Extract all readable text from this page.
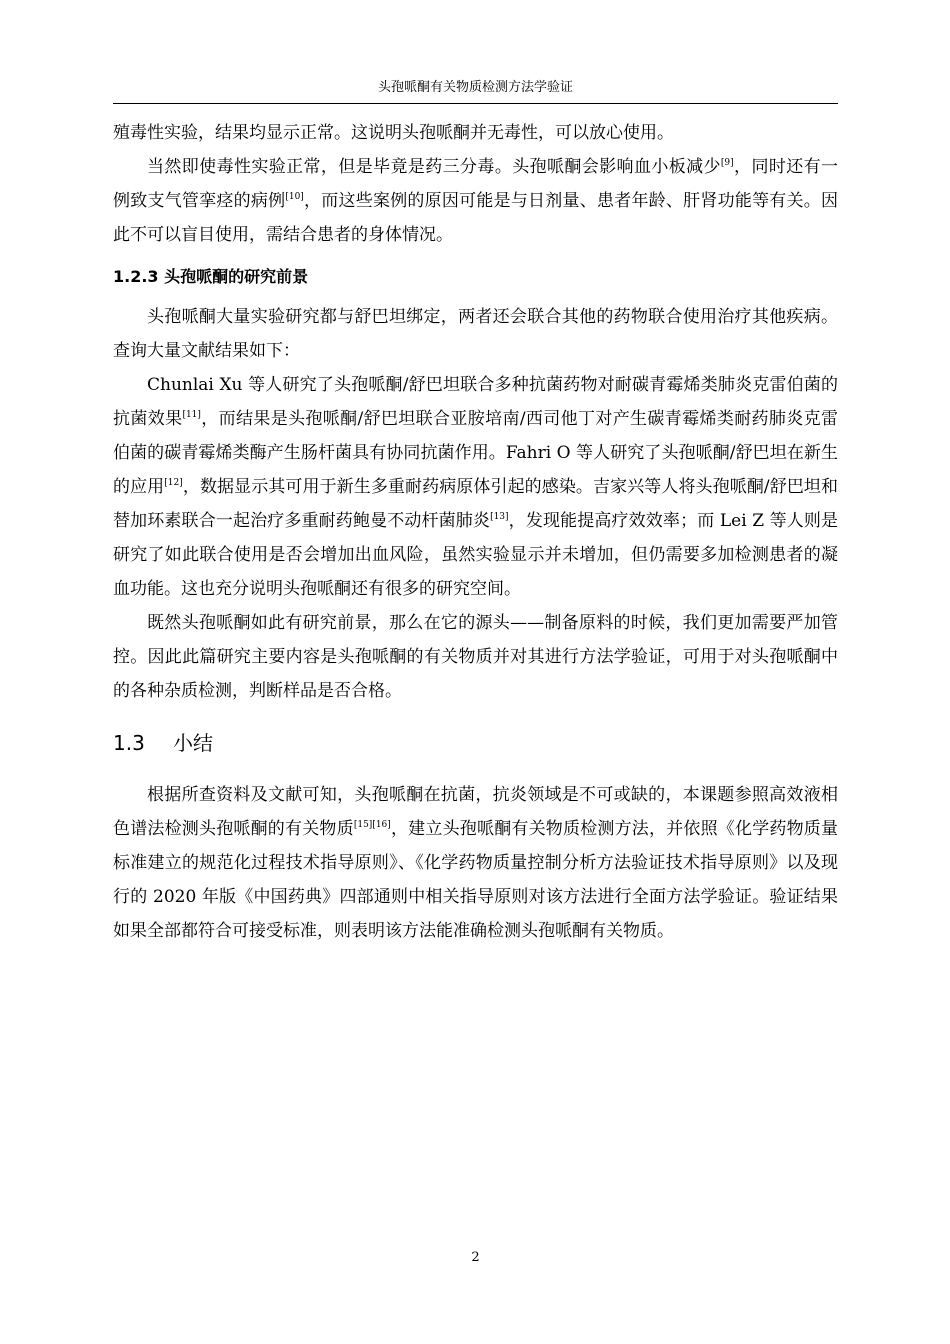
头孢哌酮有关物质检测方法学验证

殖毒性实验，结果均显示正常。这说明头孢哌酮并无毒性，可以放心使用。

当然即使毒性实验正常，但是毕竟是药三分毒。头孢哌酮会影响血小板减少[9]，同时还有一例致支气管挛痉的病例[10]，而这些案例的原因可能是与日剂量、患者年龄、肝肾功能等有关。因此不可以盲目使用，需结合患者的身体情况。

1.2.3 头孢哌酮的研究前景

头孢哌酮大量实验研究都与舒巴坦绑定，两者还会联合其他的药物联合使用治疗其他疾病。查询大量文献结果如下：

Chunlai Xu 等人研究了头孢哌酮/舒巴坦联合多种抗菌药物对耐碳青霉烯类肺炎克雷伯菌的抗菌效果[11]，而结果是头孢哌酮/舒巴坦联合亚胺培南/西司他丁对产生碳青霉烯类耐药肺炎克雷伯菌的碳青霉烯类酶产生肠杆菌具有协同抗菌作用。Fahri O 等人研究了头孢哌酮/舒巴坦在新生的应用[12]，数据显示其可用于新生多重耐药病原体引起的感染。吉家兴等人将头孢哌酮/舒巴坦和替加环素联合一起治疗多重耐药鲍曼不动杆菌肺炎[13]，发现能提高疗效效率；而 Lei Z 等人则是研究了如此联合使用是否会增加出血风险，虽然实验显示并未增加，但仍需要多加检测患者的凝血功能。这也充分说明头孢哌酮还有很多的研究空间。

既然头孢哌酮如此有研究前景，那么在它的源头——制备原料的时候，我们更加需要严加管控。因此此篇研究主要内容是头孢哌酮的有关物质并对其进行方法学验证，可用于对头孢哌酮中的各种杂质检测，判断样品是否合格。

1.3 小结

根据所查资料及文献可知，头孢哌酮在抗菌，抗炎领域是不可或缺的，本课题参照高效液相色谱法检测头孢哌酮的有关物质[15][16]，建立头孢哌酮有关物质检测方法，并依照《化学药物质量标准建立的规范化过程技术指导原则》、《化学药物质量控制分析方法验证技术指导原则》以及现行的 2020 年版《中国药典》四部通则中相关指导原则对该方法进行全面方法学验证。验证结果如果全部都符合可接受标准，则表明该方法能准确检测头孢哌酮有关物质。

2
